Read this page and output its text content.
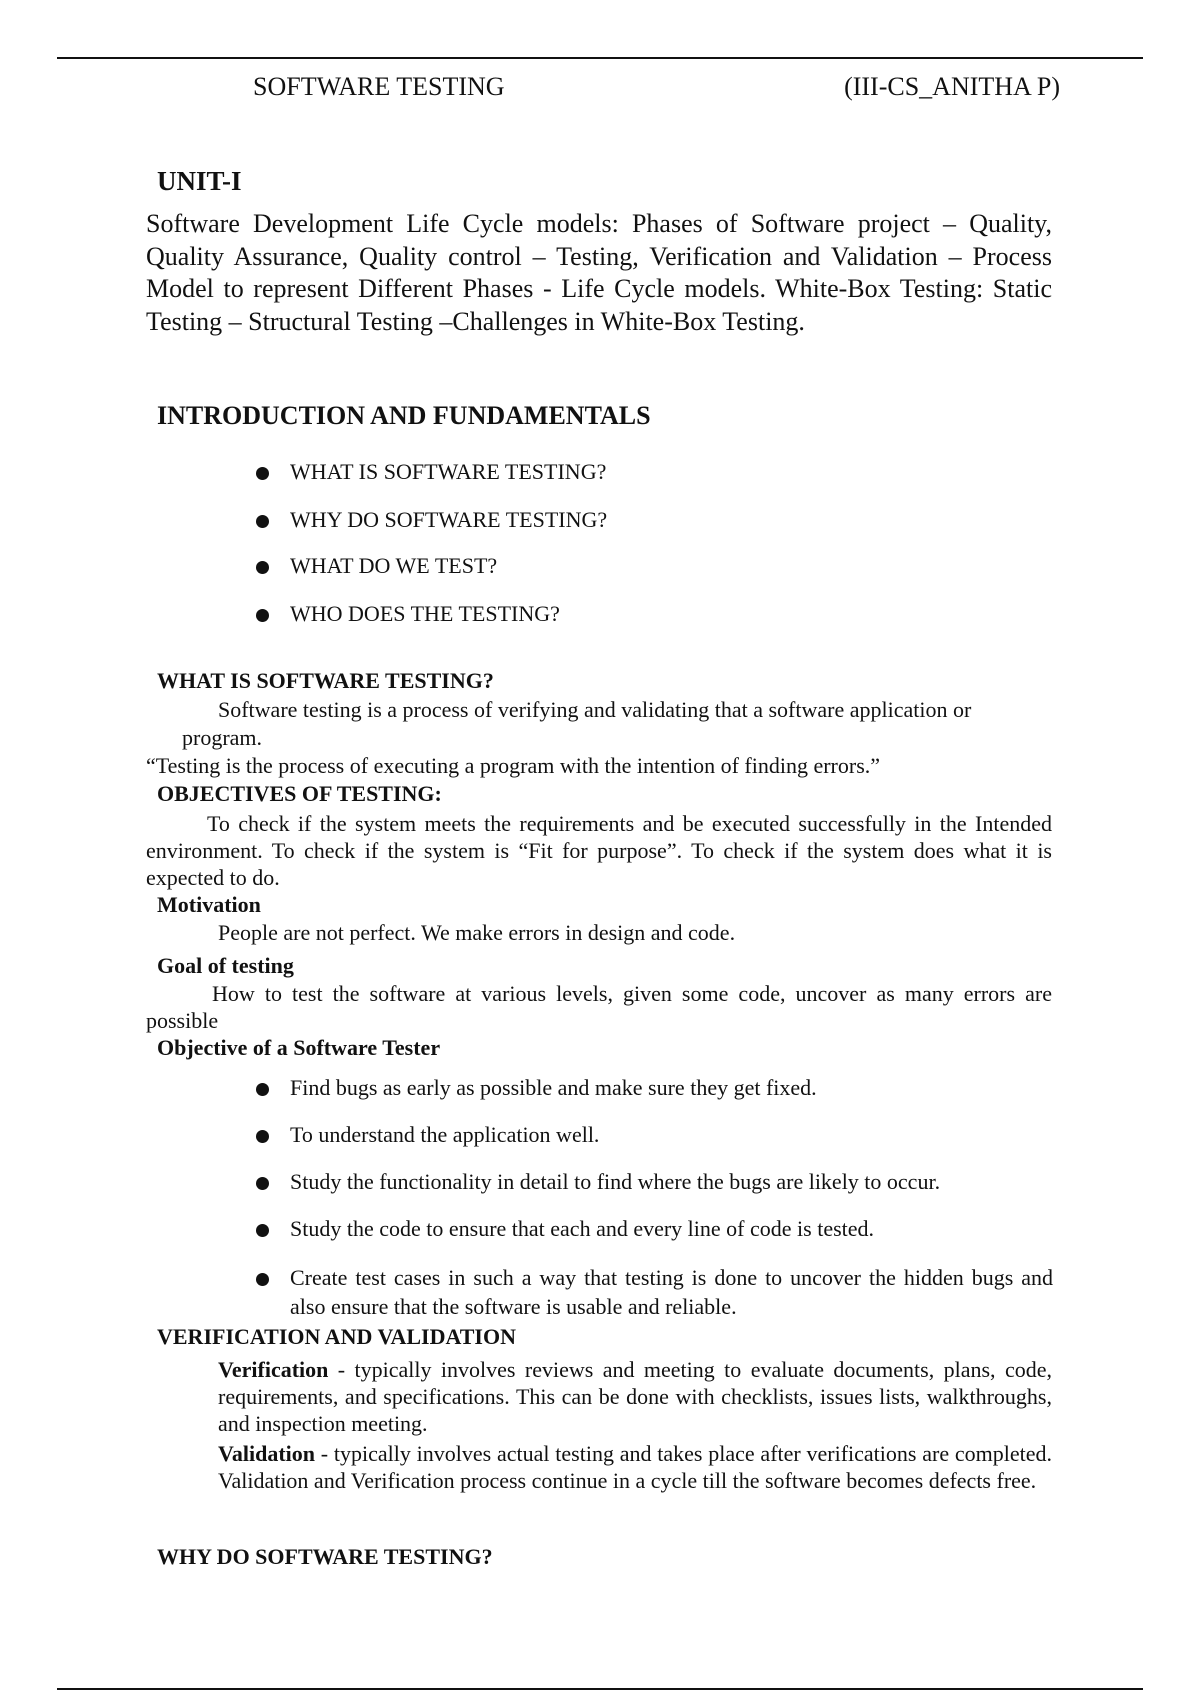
SOFTWARE TESTING	(III-CS_ANITHA P)
UNIT-I
Software Development Life Cycle models: Phases of Software project – Quality, Quality Assurance, Quality control – Testing, Verification and Validation – Process Model to represent Different Phases - Life Cycle models. White-Box Testing: Static Testing – Structural Testing –Challenges in White-Box Testing.
INTRODUCTION AND FUNDAMENTALS
WHAT IS SOFTWARE TESTING?
WHY DO SOFTWARE TESTING?
WHAT DO WE TEST?
WHO DOES THE TESTING?
WHAT IS SOFTWARE TESTING?
Software testing is a process of verifying and validating that a software application or
program.
“Testing is the process of executing a program with the intention of finding errors.”
OBJECTIVES OF TESTING:
To check if the system meets the requirements and be executed successfully in the Intended environment. To check if the system is “Fit for purpose”. To check if the system does what it is expected to do.
Motivation
People are not perfect. We make errors in design and code.
Goal of testing
How to test the software at various levels, given some code, uncover as many errors are possible
Objective of a Software Tester
Find bugs as early as possible and make sure they get fixed.
To understand the application well.
Study the functionality in detail to find where the bugs are likely to occur.
Study the code to ensure that each and every line of code is tested.
Create test cases in such a way that testing is done to uncover the hidden bugs and also ensure that the software is usable and reliable.
VERIFICATION AND VALIDATION
Verification - typically involves reviews and meeting to evaluate documents, plans, code, requirements, and specifications. This can be done with checklists, issues lists, walkthroughs, and inspection meeting.
Validation - typically involves actual testing and takes place after verifications are completed. Validation and Verification process continue in a cycle till the software becomes defects free.
WHY DO SOFTWARE TESTING?
